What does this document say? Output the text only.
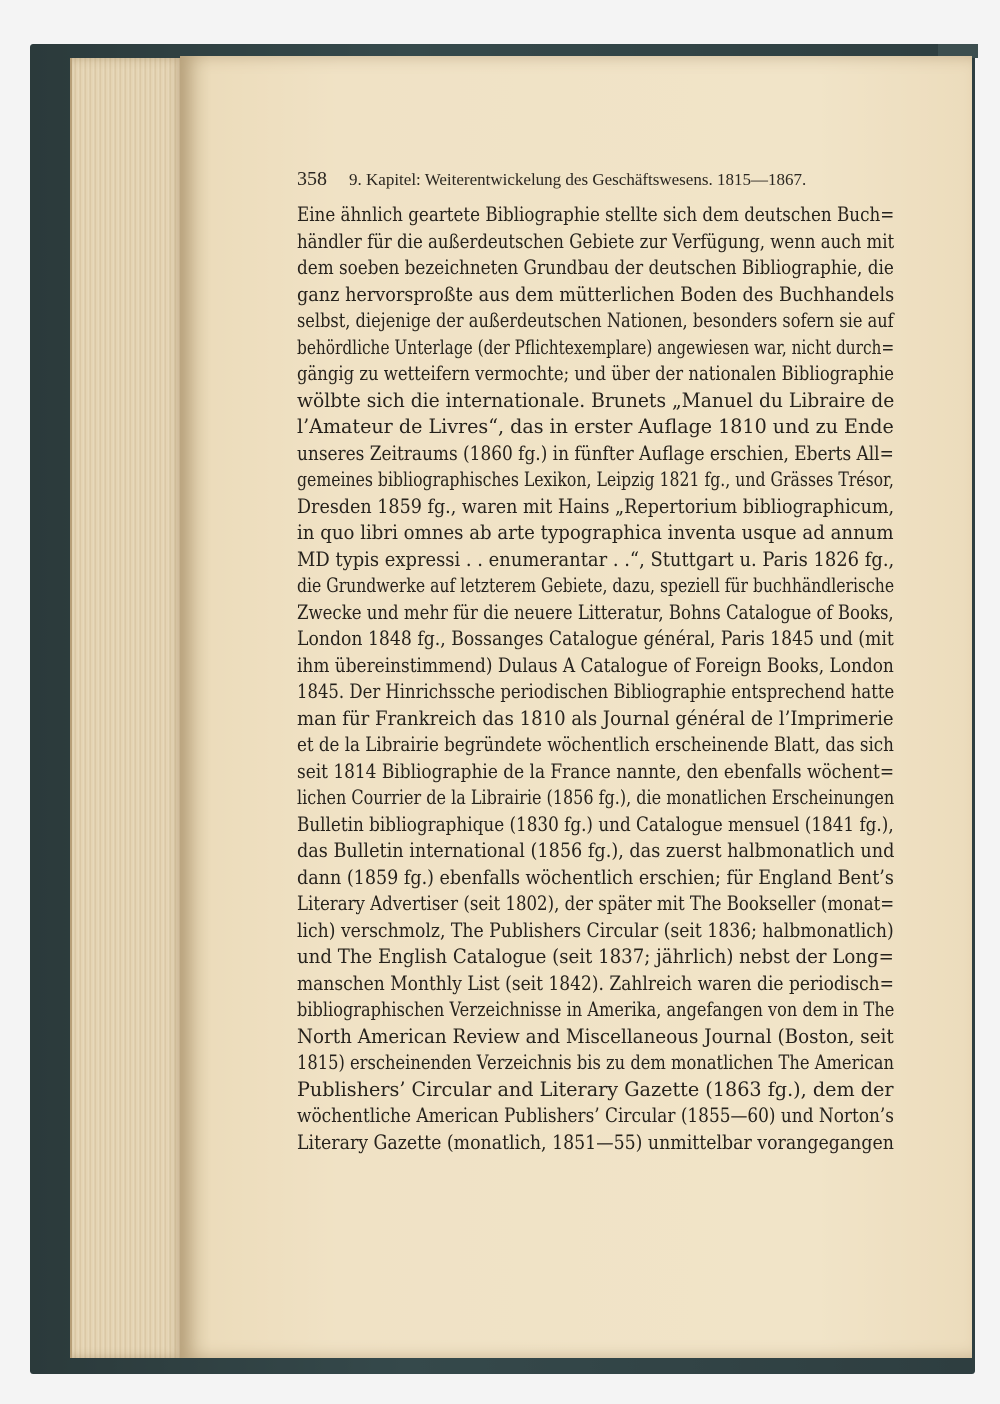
358 9. Kapitel: Weiterentwickelung des Geschäftswesens. 1815—1867.
Eine ähnlich geartete Bibliographie stellte sich dem deutschen Buch=
händler für die außerdeutschen Gebiete zur Verfügung, wenn auch mit
dem soeben bezeichneten Grundbau der deutschen Bibliographie, die
ganz hervorsproßte aus dem mütterlichen Boden des Buchhandels
selbst, diejenige der außerdeutschen Nationen, besonders sofern sie auf
behördliche Unterlage (der Pflichtexemplare) angewiesen war, nicht durch=
gängig zu wetteifern vermochte; und über der nationalen Bibliographie
wölbte sich die internationale. Brunets „Manuel du Libraire de
l’Amateur de Livres“, das in erster Auflage 1810 und zu Ende
unseres Zeitraums (1860 fg.) in fünfter Auflage erschien, Eberts All=
gemeines bibliographisches Lexikon, Leipzig 1821 fg., und Grässes Trésor,
Dresden 1859 fg., waren mit Hains „Repertorium bibliographicum,
in quo libri omnes ab arte typographica inventa usque ad annum
MD typis expressi . . enumerantar . .“, Stuttgart u. Paris 1826 fg.,
die Grundwerke auf letzterem Gebiete, dazu, speziell für buchhändlerische
Zwecke und mehr für die neuere Litteratur, Bohns Catalogue of Books,
London 1848 fg., Bossanges Catalogue général, Paris 1845 und (mit
ihm übereinstimmend) Dulaus A Catalogue of Foreign Books, London
1845. Der Hinrichssche periodischen Bibliographie entsprechend hatte
man für Frankreich das 1810 als Journal général de l’Imprimerie
et de la Librairie begründete wöchentlich erscheinende Blatt, das sich
seit 1814 Bibliographie de la France nannte, den ebenfalls wöchent=
lichen Courrier de la Librairie (1856 fg.), die monatlichen Erscheinungen
Bulletin bibliographique (1830 fg.) und Catalogue mensuel (1841 fg.),
das Bulletin international (1856 fg.), das zuerst halbmonatlich und
dann (1859 fg.) ebenfalls wöchentlich erschien; für England Bent’s
Literary Advertiser (seit 1802), der später mit The Bookseller (monat=
lich) verschmolz, The Publishers Circular (seit 1836; halbmonatlich)
und The English Catalogue (seit 1837; jährlich) nebst der Long=
manschen Monthly List (seit 1842). Zahlreich waren die periodisch=
bibliographischen Verzeichnisse in Amerika, angefangen von dem in The
North American Review and Miscellaneous Journal (Boston, seit
1815) erscheinenden Verzeichnis bis zu dem monatlichen The American
Publishers’ Circular and Literary Gazette (1863 fg.), dem der
wöchentliche American Publishers’ Circular (1855—60) und Norton’s
Literary Gazette (monatlich, 1851—55) unmittelbar vorangegangen
